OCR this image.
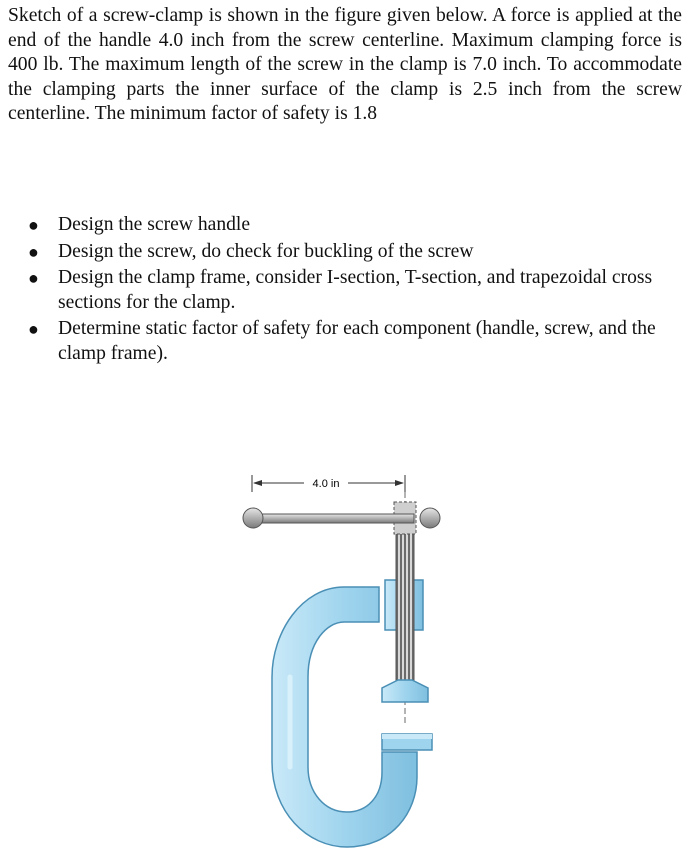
Sketch of a screw-clamp is shown in the figure given below. A force is applied at the end of the handle 4.0 inch from the screw centerline. Maximum clamping force is 400 lb. The maximum length of the screw in the clamp is 7.0 inch. To accommodate the clamping parts the inner surface of the clamp is 2.5 inch from the screw centerline. The minimum factor of safety is 1.8

● Design the screw handle
● Design the screw, do check for buckling of the screw
● Design the clamp frame, consider I-section, T-section, and trapezoidal cross sections for the clamp.
● Determine static factor of safety for each component (handle, screw, and the clamp frame).
4.0 in
